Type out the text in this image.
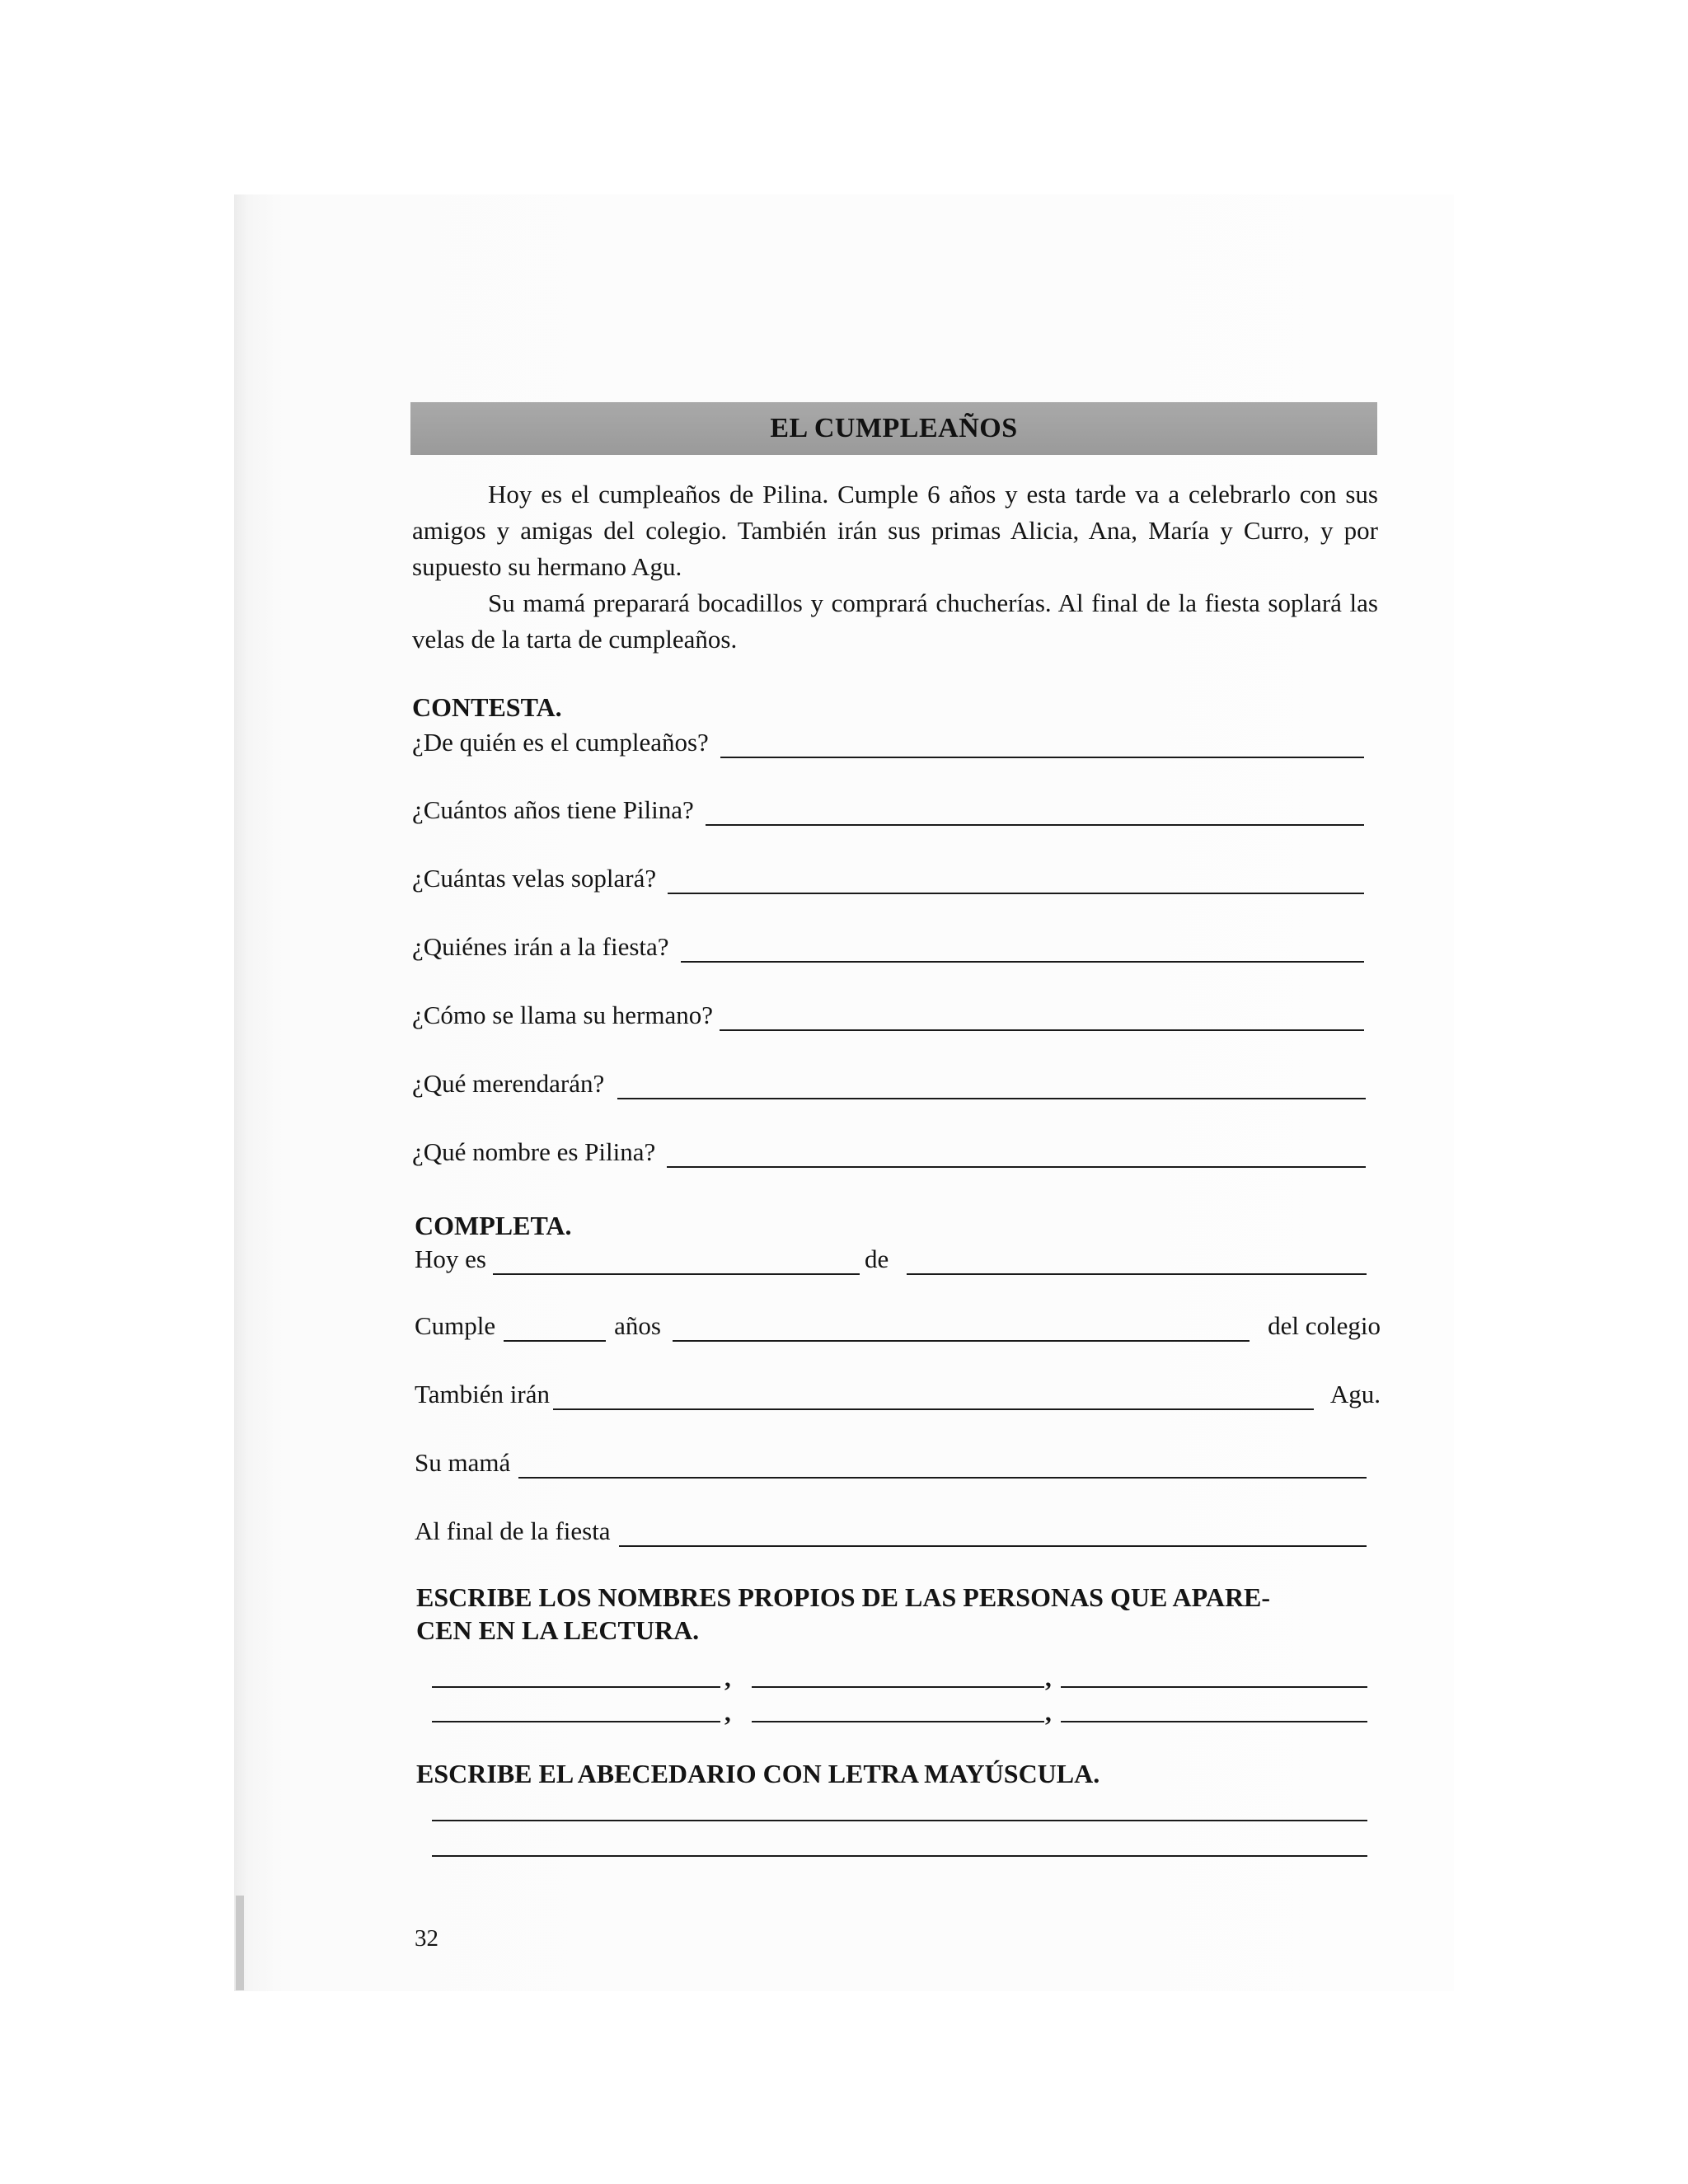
EL CUMPLEAÑOS

Hoy es el cumpleaños de Pilina. Cumple 6 años y esta tarde va a celebrarlo con sus amigos y amigas del colegio. También irán sus primas Alicia, Ana, María y Curro, y por supuesto su hermano Agu.

Su mamá preparará bocadillos y comprará chucherías. Al final de la fiesta soplará las velas de la tarta de cumpleaños.

CONTESTA.
¿De quién es el cumpleaños?
¿Cuántos años tiene Pilina?
¿Cuántas velas soplará?
¿Quiénes irán a la fiesta?
¿Cómo se llama su hermano?
¿Qué merendarán?
¿Qué nombre es Pilina?
COMPLETA.
Hoy es	de
Cumple	años	del colegio
También irán	Agu.
Su mamá
Al final de la fiesta
ESCRIBE LOS NOMBRES PROPIOS DE LAS PERSONAS QUE APARE-
CEN EN LA LECTURA.
,	,
,	,
ESCRIBE EL ABECEDARIO CON LETRA MAYÚSCULA.
32
